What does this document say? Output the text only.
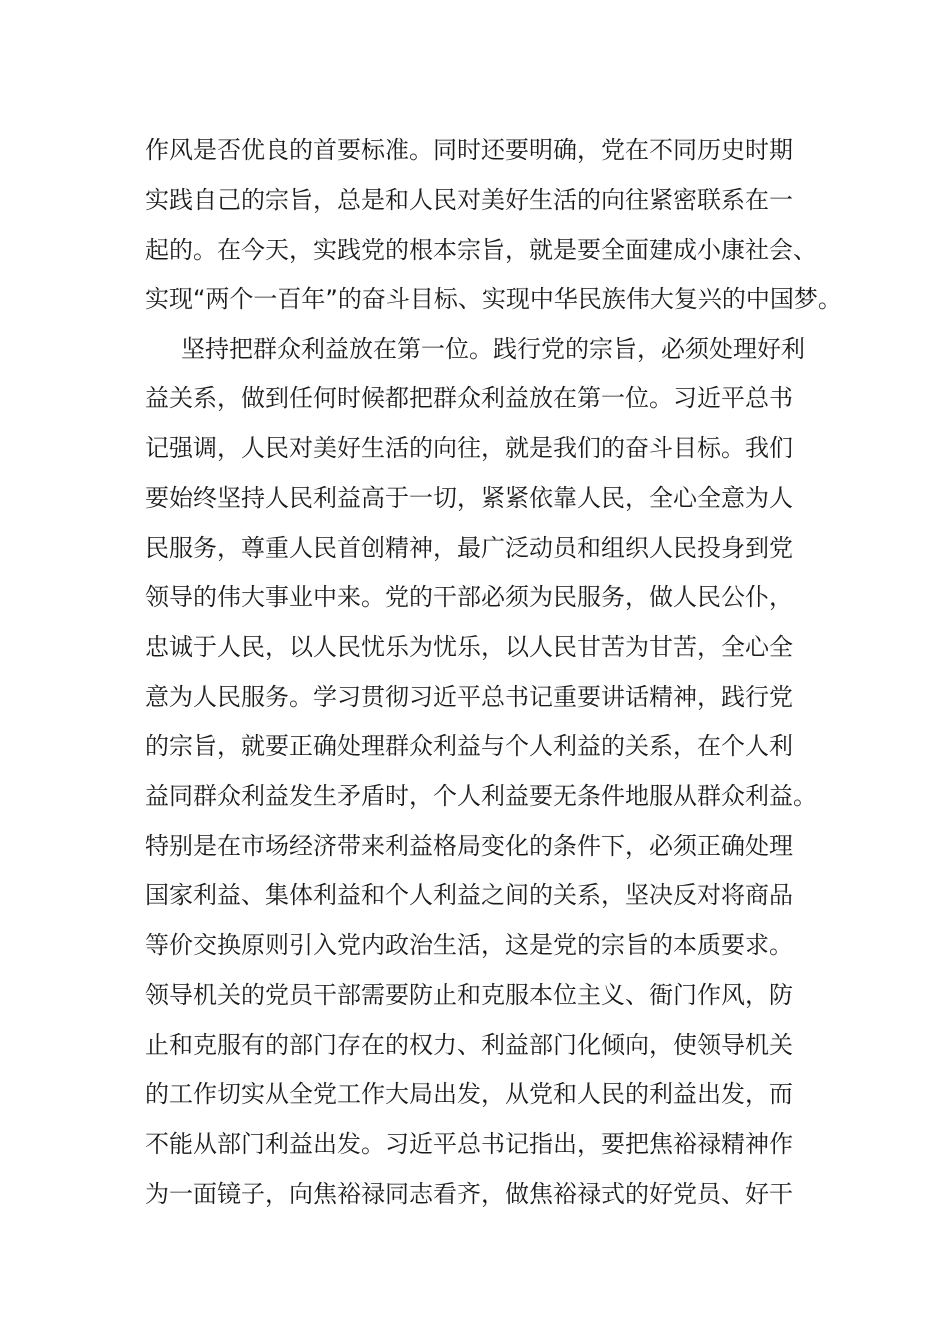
作风是否优良的首要标准。同时还要明确，党在不同历史时期
实践自己的宗旨，总是和人民对美好生活的向往紧密联系在一
起的。在今天，实践党的根本宗旨，就是要全面建成小康社会、
实现“两个一百年”的奋斗目标、实现中华民族伟大复兴的中国梦。
坚持把群众利益放在第一位。践行党的宗旨，必须处理好利
益关系，做到任何时候都把群众利益放在第一位。习近平总书
记强调，人民对美好生活的向往，就是我们的奋斗目标。我们
要始终坚持人民利益高于一切，紧紧依靠人民，全心全意为人
民服务，尊重人民首创精神，最广泛动员和组织人民投身到党
领导的伟大事业中来。党的干部必须为民服务，做人民公仆，
忠诚于人民，以人民忧乐为忧乐，以人民甘苦为甘苦，全心全
意为人民服务。学习贯彻习近平总书记重要讲话精神，践行党
的宗旨，就要正确处理群众利益与个人利益的关系，在个人利
益同群众利益发生矛盾时，个人利益要无条件地服从群众利益。
特别是在市场经济带来利益格局变化的条件下，必须正确处理
国家利益、集体利益和个人利益之间的关系，坚决反对将商品
等价交换原则引入党内政治生活，这是党的宗旨的本质要求。
领导机关的党员干部需要防止和克服本位主义、衙门作风，防
止和克服有的部门存在的权力、利益部门化倾向，使领导机关
的工作切实从全党工作大局出发，从党和人民的利益出发，而
不能从部门利益出发。习近平总书记指出，要把焦裕禄精神作
为一面镜子，向焦裕禄同志看齐，做焦裕禄式的好党员、好干
